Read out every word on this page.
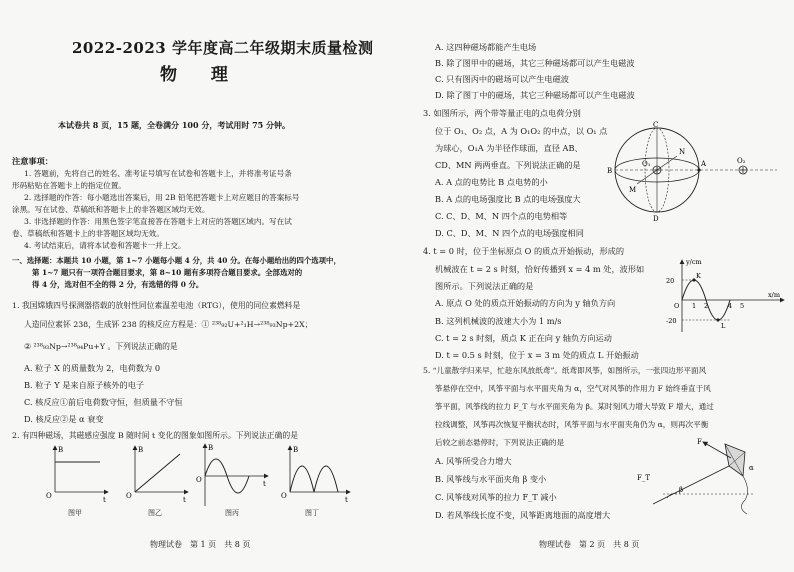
2022-2023 学年度高二年级期末质量检测
物 理
本试卷共 8 页，15 题，全卷满分 100 分，考试用时 75 分钟。
注意事项：
1. 答题前，先将自己的姓名、准考证号填写在试卷和答题卡上，并将准考证号条
形码粘贴在答题卡上的指定位置。
2. 选择题的作答：每小题选出答案后，用 2B 铅笔把答题卡上对应题目的答案标号
涂黑。写在试卷、草稿纸和答题卡上的非答题区域均无效。
3. 非选择题的作答：用黑色签字笔直接答在答题卡上对应的答题区域内。写在试
卷、草稿纸和答题卡上的非答题区域均无效。
4. 考试结束后，请将本试卷和答题卡一并上交。
一、选择题：本题共 10 小题，第 1~7 小题每小题 4 分，共 40 分。在每小题给出的四个选项中，
第 1~7 题只有一项符合题目要求，第 8~10 题有多项符合题目要求。全部选对的
得 4 分，选对但不全的得 2 分，有选错的得 0 分。
1. 我国嫦娥四号探测器搭载的放射性同位素温差电池（RTG），使用的同位素燃料是
人造同位素钚 238，生成钚 238 的核反应方程是：① ²³⁸₉₂U+²₁H→²³⁸₉₃Np+2X；
② ²³⁸₉₃Np→²³⁸₉₄Pu+Y 。下列说法正确的是
A. 粒子 X 的质量数为 2，电荷数为 0
B. 粒子 Y 是来自原子核外的电子
C. 核反应①前后电荷数守恒，但质量不守恒
D. 核反应②是 α 衰变
2. 有四种磁场，其磁感应强度 B 随时间 t 变化的图象如图所示。下列说法正确的是
B
t
O
B
t
O
B
t
O
B
t
O
图甲	图乙	图丙	图丁
物理试卷　第 1 页　共 8 页
A. 这四种磁场都能产生电场
B. 除了图甲中的磁场，其它三种磁场都可以产生电磁波
C. 只有图丙中的磁场可以产生电磁波
D. 除了图丁中的磁场，其它三种磁场都可以产生电磁波
3. 如图所示，两个带等量正电的点电荷分别
位于 O₁、O₂ 点，A 为 O₁O₂ 的中点，以 O₁ 点
为球心，O₁A 为半径作球面，直径 AB、
CD、MN 两两垂直。下列说法正确的是
A. A 点的电势比 B 点电势的小
B. A 点的电场强度比 B 点的电场强度大
C. C、D、M、N 四个点的电势相等
D. C、D、M、N 四个点的电场强度相同
C
D
M
N
A
B
O₁	O₂
4. t = 0 时，位于坐标原点 O 的质点开始振动，形成的
机械波在 t = 2 s 时刻，恰好传播到 x = 4 m 处，波形如
图所示。下列说法正确的是
A. 原点 O 处的质点开始振动的方向为 y 轴负方向
B. 这列机械波的波速大小为 1 m/s
C. t = 2 s 时刻，质点 K 正在向 y 轴负方向运动
D. t = 0.5 s 时刻，位于 x = 3 m 处的质点 L 开始振动
y/cm
x/m
O
K
L
20
-20
1 2	4 5
5. “儿童散学归来早，忙趁东风放纸鸢”。纸鸢即风筝，如图所示，一张四边形平面风
筝悬停在空中，风筝平面与水平面夹角为 α，空气对风筝的作用力 F 始终垂直于风
筝平面，风筝线的拉力 F_T 与水平面夹角为 β。某时刻风力增大导致 F 增大，通过
拉线调整，风筝再次恢复平衡状态时，风筝平面与水平面夹角仍为 α，则再次平衡
后较之前态悬停时，下列说法正确的是
A. 风筝所受合力增大
B. 风筝线与水平面夹角 β 变小
C. 风筝线对风筝的拉力 F_T 减小
D. 若风筝线长度不变，风筝距离地面的高度增大
F
F_T
β
α
物理试卷　第 2 页　共 8 页
